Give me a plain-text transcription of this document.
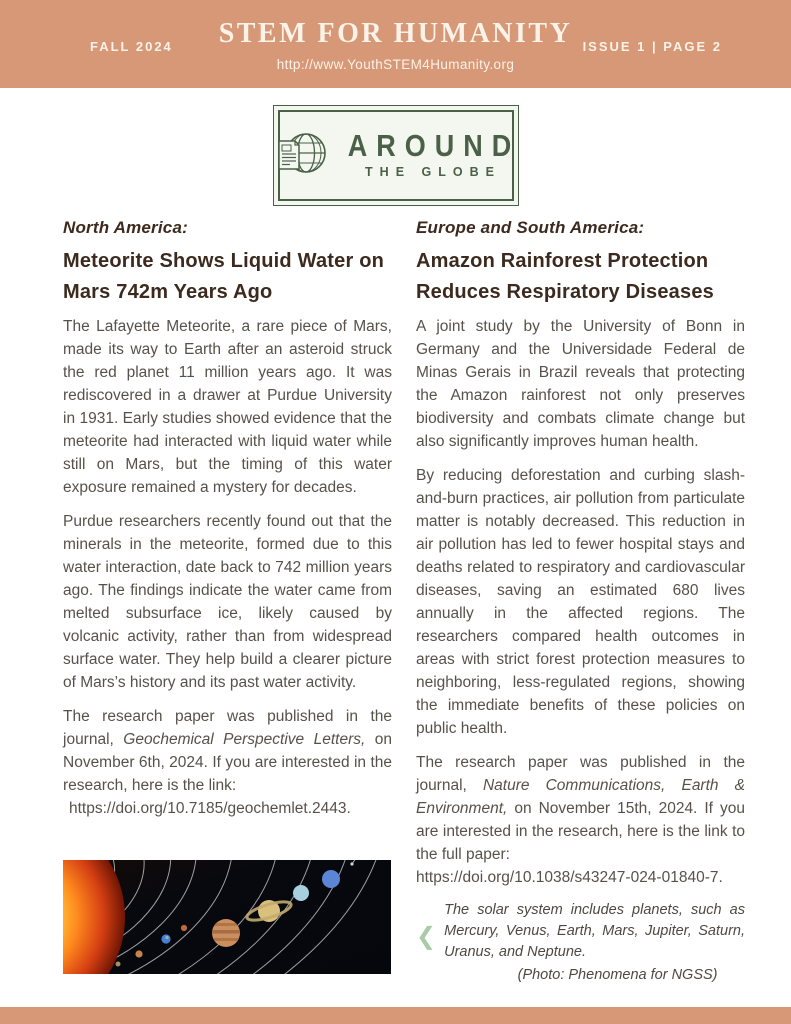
FALL 2024 STEM FOR HUMANITY
http://www.YouthSTEM4Humanity.org
ISSUE 1 | PAGE 2
AROUND
THE GLOBE
North America:
Meteorite Shows Liquid Water on Mars 742m Years Ago

The Lafayette Meteorite, a rare piece of Mars, made its way to Earth after an asteroid struck the red planet 11 million years ago. It was rediscovered in a drawer at Purdue University in 1931. Early studies showed evidence that the meteorite had interacted with liquid water while still on Mars, but the timing of this water exposure remained a mystery for decades.

Purdue researchers recently found out that the minerals in the meteorite, formed due to this water interaction, date back to 742 million years ago. The findings indicate the water came from melted subsurface ice, likely caused by volcanic activity, rather than from widespread surface water. They help build a clearer picture of Mars’s history and its past water activity.

The research paper was published in the journal, Geochemical Perspective Letters, on November 6th, 2024. If you are interested in the research, here is the link:
https://doi.org/10.7185/geochemlet.2443.

Europe and South America:
Amazon Rainforest Protection Reduces Respiratory Diseases

A joint study by the University of Bonn in Germany and the Universidade Federal de Minas Gerais in Brazil reveals that protecting the Amazon rainforest not only preserves biodiversity and combats climate change but also significantly improves human health.

By reducing deforestation and curbing slash-and-burn practices, air pollution from particulate matter is notably decreased. This reduction in air pollution has led to fewer hospital stays and deaths related to respiratory and cardiovascular diseases, saving an estimated 680 lives annually in the affected regions. The researchers compared health outcomes in areas with strict forest protection measures to neighboring, less-regulated regions, showing the immediate benefits of these policies on public health.

The research paper was published in the journal, Nature Communications, Earth & Environment, on November 15th, 2024. If you are interested in the research, here is the link to the full paper:
https://doi.org/10.1038/s43247-024-01840-7.

❮
The solar system includes planets, such as Mercury, Venus, Earth, Mars, Jupiter, Saturn, Uranus, and Neptune.
(Photo: Phenomena for NGSS)
